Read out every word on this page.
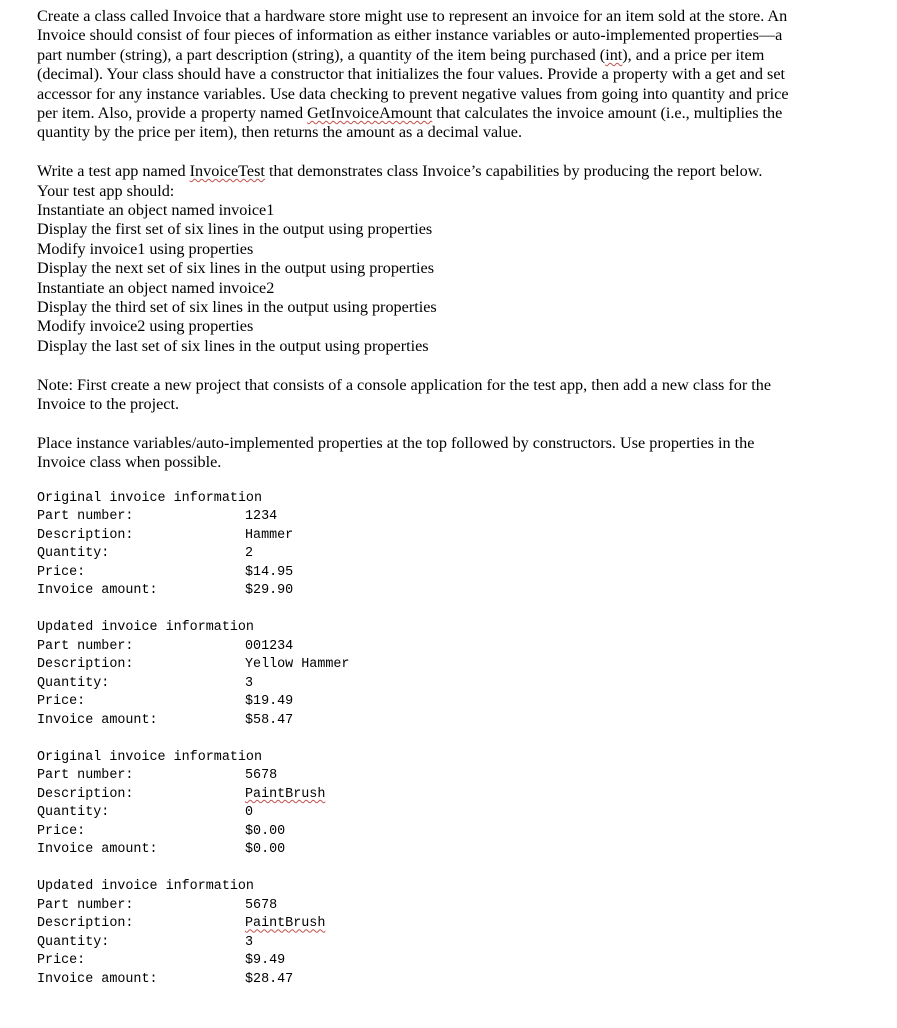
Create a class called Invoice that a hardware store might use to represent an invoice for an item sold at the store. An
Invoice should consist of four pieces of information as either instance variables or auto-implemented properties—a
part number (string), a part description (string), a quantity of the item being purchased (int), and a price per item
(decimal). Your class should have a constructor that initializes the four values. Provide a property with a get and set
accessor for any instance variables. Use data checking to prevent negative values from going into quantity and price
per item. Also, provide a property named GetInvoiceAmount that calculates the invoice amount (i.e., multiplies the
quantity by the price per item), then returns the amount as a decimal value.

Write a test app named InvoiceTest that demonstrates class Invoice’s capabilities by producing the report below.
Your test app should:
Instantiate an object named invoice1
Display the first set of six lines in the output using properties
Modify invoice1 using properties
Display the next set of six lines in the output using properties
Instantiate an object named invoice2
Display the third set of six lines in the output using properties
Modify invoice2 using properties
Display the last set of six lines in the output using properties

Note: First create a new project that consists of a console application for the test app, then add a new class for the
Invoice to the project.

Place instance variables/auto-implemented properties at the top followed by constructors. Use properties in the
Invoice class when possible.

Original invoice information
Part number:	1234
Description:	Hammer
Quantity:	2
Price:	$14.95
Invoice amount:	$29.90
Updated invoice information
Part number:	001234
Description:	Yellow Hammer
Quantity:	3
Price:	$19.49
Invoice amount:	$58.47
Original invoice information
Part number:	5678
Description:	PaintBrush
Quantity:	0
Price:	$0.00
Invoice amount:	$0.00
Updated invoice information
Part number:	5678
Description:	PaintBrush
Quantity:	3
Price:	$9.49
Invoice amount:	$28.47
